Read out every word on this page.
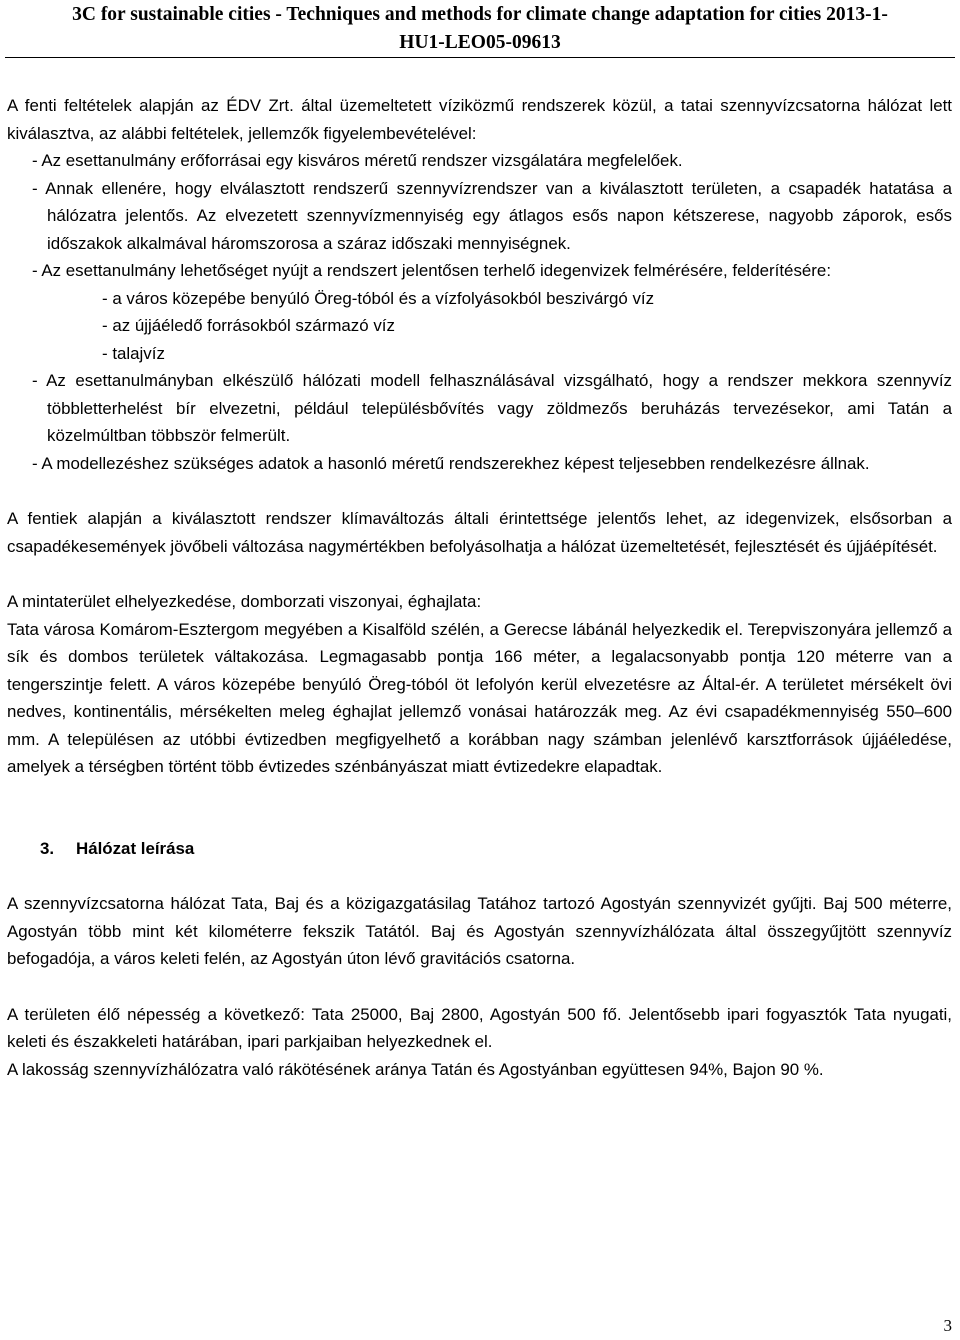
3C for sustainable cities - Techniques and methods for climate change adaptation for cities 2013-1-
HU1-LEO05-09613

A fenti feltételek alapján az ÉDV Zrt. által üzemeltetett víziközmű rendszerek közül, a tatai szennyvízcsatorna hálózat lett kiválasztva, az alábbi feltételek, jellemzők figyelembevételével:

- Az esettanulmány erőforrásai egy kisváros méretű rendszer vizsgálatára megfelelőek.

- Annak ellenére, hogy elválasztott rendszerű szennyvízrendszer van a kiválasztott területen, a csapadék hatatása a hálózatra jelentős. Az elvezetett szennyvízmennyiség egy átlagos esős napon kétszerese, nagyobb záporok, esős időszakok alkalmával háromszorosa a száraz időszaki mennyiségnek.

- Az esettanulmány lehetőséget nyújt a rendszert jelentősen terhelő idegenvizek felmérésére, felderítésére:

- a város közepébe benyúló Öreg-tóból és a vízfolyásokból beszivárgó víz

- az újjáéledő forrásokból származó víz

- talajvíz

- Az esettanulmányban elkészülő hálózati modell felhasználásával vizsgálható, hogy a rendszer mekkora szennyvíz többletterhelést bír elvezetni, például településbővítés vagy zöldmezős beruházás tervezésekor, ami Tatán a közelmúltban többször felmerült.

- A modellezéshez szükséges adatok a hasonló méretű rendszerekhez képest teljesebben rendelkezésre állnak.

A fentiek alapján a kiválasztott rendszer klímaváltozás általi érintettsége jelentős lehet, az idegenvizek, elsősorban a csapadékesemények jövőbeli változása nagymértékben befolyásolhatja a hálózat üzemeltetését, fejlesztését és újjáépítését.

A mintaterület elhelyezkedése, domborzati viszonyai, éghajlata:

Tata városa Komárom-Esztergom megyében a Kisalföld szélén, a Gerecse lábánál helyezkedik el. Terepviszonyára jellemző a sík és dombos területek váltakozása. Legmagasabb pontja 166 méter, a legalacsonyabb pontja 120 méterre van a tengerszintje felett. A város közepébe benyúló Öreg-tóból öt lefolyón kerül elvezetésre az Által-ér. A területet mérsékelt övi nedves, kontinentális, mérsékelten meleg éghajlat jellemző vonásai határozzák meg. Az évi csapadékmennyiség 550–600 mm. A településen az utóbbi évtizedben megfigyelhető a korábban nagy számban jelenlévő karsztforrások újjáéledése, amelyek a térségben történt több évtizedes szénbányászat miatt évtizedekre elapadtak.

3. Hálózat leírása

A szennyvízcsatorna hálózat Tata, Baj és a közigazgatásilag Tatához tartozó Agostyán szennyvizét gyűjti. Baj 500 méterre, Agostyán több mint két kilométerre fekszik Tatától. Baj és Agostyán szennyvízhálózata által összegyűjtött szennyvíz befogadója, a város keleti felén, az Agostyán úton lévő gravitációs csatorna.

A területen élő népesség a következő: Tata 25000, Baj 2800, Agostyán 500 fő. Jelentősebb ipari fogyasztók Tata nyugati, keleti és északkeleti határában, ipari parkjaiban helyezkednek el.

A lakosság szennyvízhálózatra való rákötésének aránya Tatán és Agostyánban együttesen 94%, Bajon 90 %.

3
